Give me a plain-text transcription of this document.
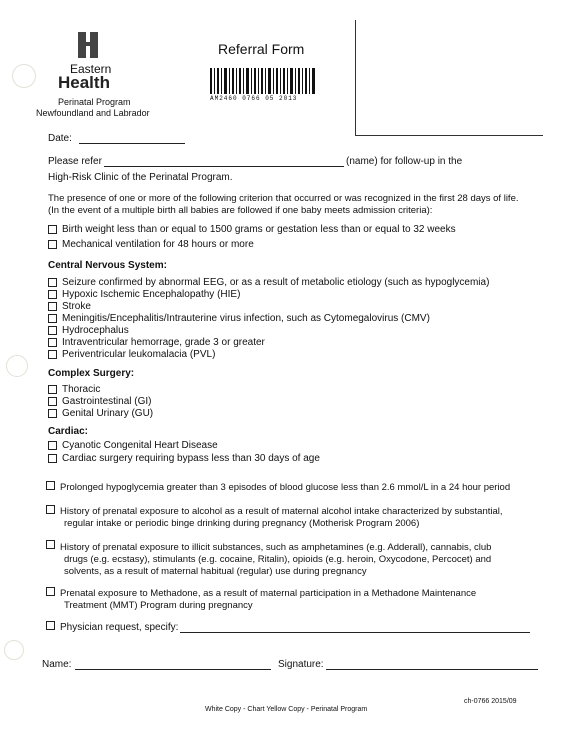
Eastern
Health
Perinatal Program
Newfoundland and Labrador
Referral Form
AM2460 0766 05 2013
Date:
Please refer	(name) for follow-up in the
High-Risk Clinic of the Perinatal Program.
The presence of one or more of the following criterion that occurred or was recognized in the first 28 days of life.
(In the event of a multiple birth all babies are followed if one baby meets admission criteria):
Birth weight less than or equal to 1500 grams or gestation less than or equal to 32 weeks
Mechanical ventilation for 48 hours or more
Central Nervous System:
Seizure confirmed by abnormal EEG, or as a result of metabolic etiology (such as hypoglycemia)
Hypoxic Ischemic Encephalopathy (HIE)
Stroke
Meningitis/Encephalitis/Intrauterine virus infection, such as Cytomegalovirus (CMV)
Hydrocephalus
Intraventricular hemorrage, grade 3 or greater
Periventricular leukomalacia (PVL)
Complex Surgery:
Thoracic
Gastrointestinal (GI)
Genital Urinary (GU)
Cardiac:
Cyanotic Congenital Heart Disease
Cardiac surgery requiring bypass less than 30 days of age
Prolonged hypoglycemia greater than 3 episodes of blood glucose less than 2.6 mmol/L in a 24 hour period
History of prenatal exposure to alcohol as a result of maternal alcohol intake characterized by substantial,
regular intake or periodic binge drinking during pregnancy (Motherisk Program 2006)
History of prenatal exposure to illicit substances, such as amphetamines (e.g. Adderall), cannabis, club
drugs (e.g. ecstasy), stimulants (e.g. cocaine, Ritalin), opioids (e.g. heroin, Oxycodone, Percocet) and
solvents, as a result of maternal habitual (regular) use during pregnancy
Prenatal exposure to Methadone, as a result of maternal participation in a Methadone Maintenance
Treatment (MMT) Program during pregnancy
Physician request, specify:
Name:	Signature:
ch-0766 2015/09
White Copy - Chart Yellow Copy - Perinatal Program
